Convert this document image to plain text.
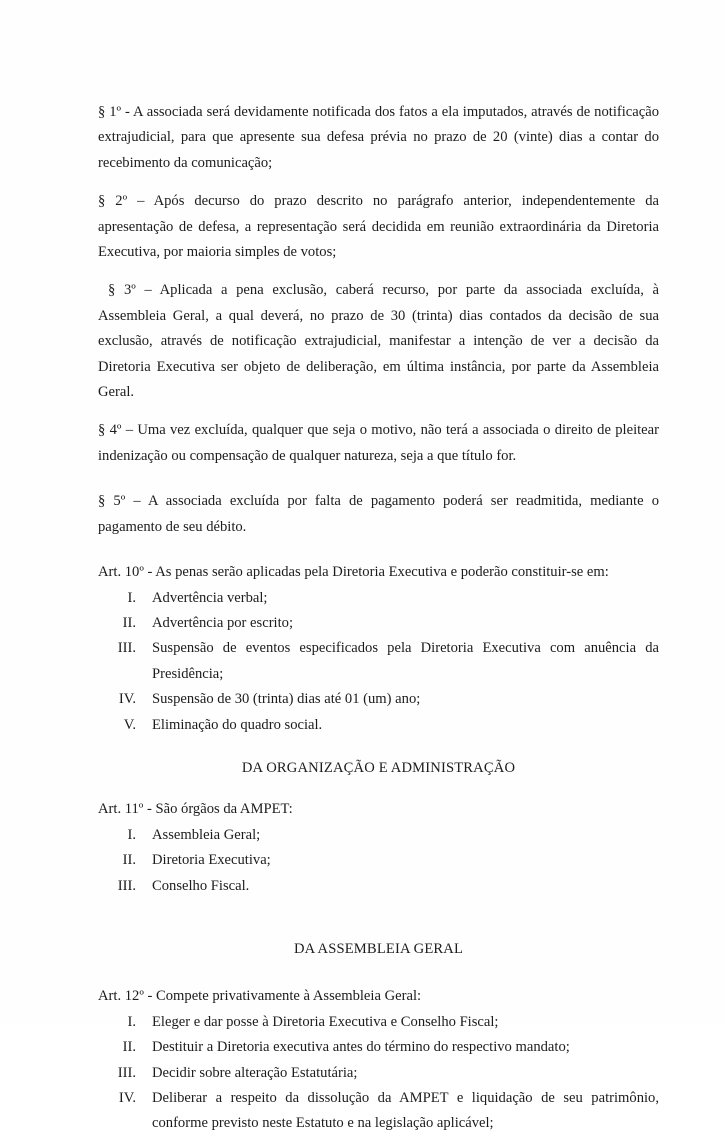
§ 1º - A associada será devidamente notificada dos fatos a ela imputados, através de notificação extrajudicial, para que apresente sua defesa prévia no prazo de 20 (vinte) dias a contar do recebimento da comunicação;

§ 2º – Após decurso do prazo descrito no parágrafo anterior, independentemente da apresentação de defesa, a representação será decidida em reunião extraordinária da Diretoria Executiva, por maioria simples de votos;

§ 3º – Aplicada a pena exclusão, caberá recurso, por parte da associada excluída, à Assembleia Geral, a qual deverá, no prazo de 30 (trinta) dias contados da decisão de sua exclusão, através de notificação extrajudicial, manifestar a intenção de ver a decisão da Diretoria Executiva ser objeto de deliberação, em última instância, por parte da Assembleia Geral.

§ 4º – Uma vez excluída, qualquer que seja o motivo, não terá a associada o direito de pleitear indenização ou compensação de qualquer natureza, seja a que título for.

§ 5º – A associada excluída por falta de pagamento poderá ser readmitida, mediante o pagamento de seu débito.

Art. 10º - As penas serão aplicadas pela Diretoria Executiva e poderão constituir-se em:

I.	Advertência verbal;
II.	Advertência por escrito;
III.	Suspensão de eventos especificados pela Diretoria Executiva com anuência da Presidência;
IV.	Suspensão de 30 (trinta) dias até 01 (um) ano;
V.	Eliminação do quadro social.

DA ORGANIZAÇÃO E ADMINISTRAÇÃO

Art. 11º - São órgãos da AMPET:

I.	Assembleia Geral;
II.	Diretoria Executiva;
III.	Conselho Fiscal.

DA ASSEMBLEIA GERAL

Art. 12º - Compete privativamente à Assembleia Geral:

I.	Eleger e dar posse à Diretoria Executiva e Conselho Fiscal;
II.	Destituir a Diretoria executiva antes do término do respectivo mandato;
III.	Decidir sobre alteração Estatutária;
IV.	Deliberar a respeito da dissolução da AMPET e liquidação de seu patrimônio, conforme previsto neste Estatuto e na legislação aplicável;
